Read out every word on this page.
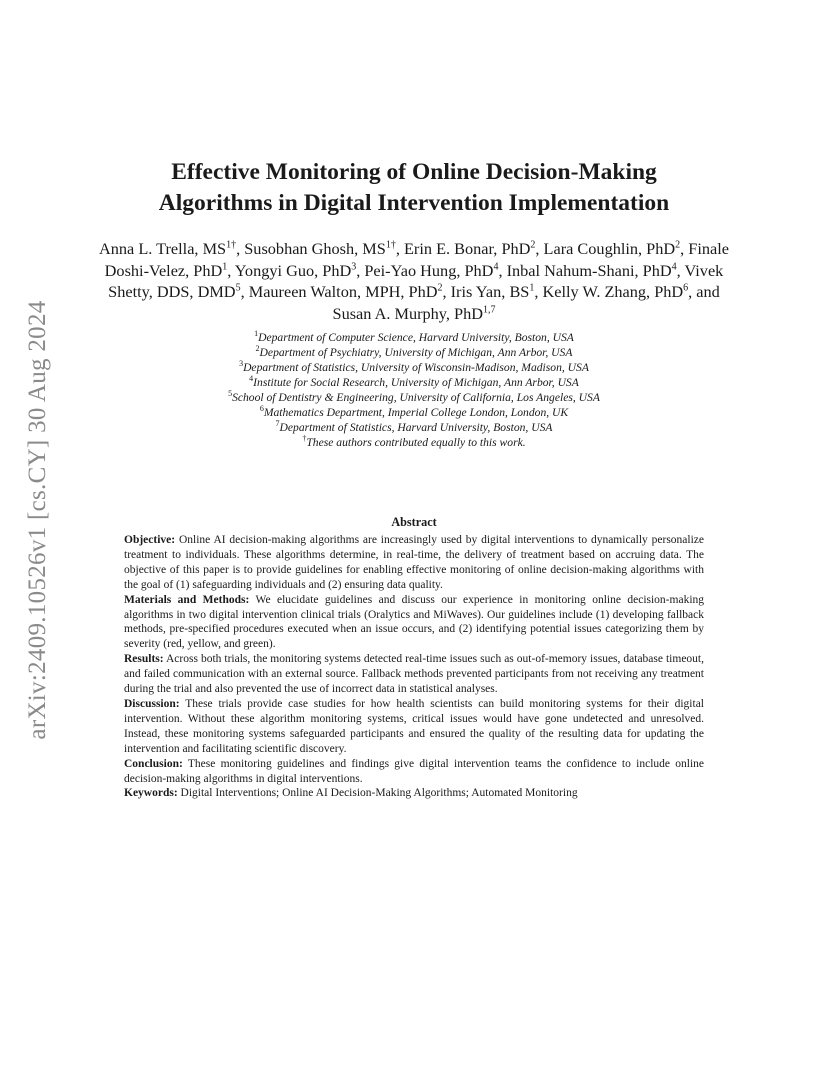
arXiv:2409.10526v1 [cs.CY] 30 Aug 2024
Effective Monitoring of Online Decision-Making
Algorithms in Digital Intervention Implementation
Anna L. Trella, $MS^{1\dagger}$, Susobhan Ghosh, $MS^{1\dagger}$, Erin E. Bonar, PhD$^2$, Lara Coughlin, PhD$^2$, Finale Doshi-Velez, PhD$^1$, Yongyi Guo, PhD$^3$, Pei-Yao Hung, PhD$^4$, Inbal Nahum-Shani, PhD$^4$, Vivek Shetty, DDS, DMD$^5$, Maureen Walton, MPH, PhD$^2$, Iris Yan, $BS^1$, Kelly W. Zhang, PhD$^6$, and Susan A. Murphy, PhD$^{1,7}$
$^1$Department of Computer Science, Harvard University, Boston, USA
$^2$Department of Psychiatry, University of Michigan, Ann Arbor, USA
$^3$Department of Statistics, University of Wisconsin-Madison, Madison, USA
$^4$Institute for Social Research, University of Michigan, Ann Arbor, USA
$^5$School of Dentistry & Engineering, University of California, Los Angeles, USA
$^6$Mathematics Department, Imperial College London, London, UK
$^7$Department of Statistics, Harvard University, Boston, USA
†These authors contributed equally to this work.
Abstract

Objective: Online AI decision-making algorithms are increasingly used by digital interventions to dynamically personalize treatment to individuals. These algorithms determine, in real-time, the delivery of treatment based on accruing data. The objective of this paper is to provide guidelines for enabling effective monitoring of online decision-making algorithms with the goal of (1) safeguarding individuals and (2) ensuring data quality.

Materials and Methods: We elucidate guidelines and discuss our experience in monitoring online decision-making algorithms in two digital intervention clinical trials (Oralytics and MiWaves). Our guidelines include (1) developing fallback methods, pre-specified procedures executed when an issue occurs, and (2) identifying potential issues categorizing them by severity (red, yellow, and green).

Results: Across both trials, the monitoring systems detected real-time issues such as out-of-memory issues, database timeout, and failed communication with an external source. Fallback methods prevented participants from not receiving any treatment during the trial and also prevented the use of incorrect data in statistical analyses.

Discussion: These trials provide case studies for how health scientists can build monitoring systems for their digital intervention. Without these algorithm monitoring systems, critical issues would have gone undetected and unresolved. Instead, these monitoring systems safeguarded participants and ensured the quality of the resulting data for updating the intervention and facilitating scientific discovery.

Conclusion: These monitoring guidelines and findings give digital intervention teams the confidence to include online decision-making algorithms in digital interventions.

Keywords: Digital Interventions; Online AI Decision-Making Algorithms; Automated Monitoring
